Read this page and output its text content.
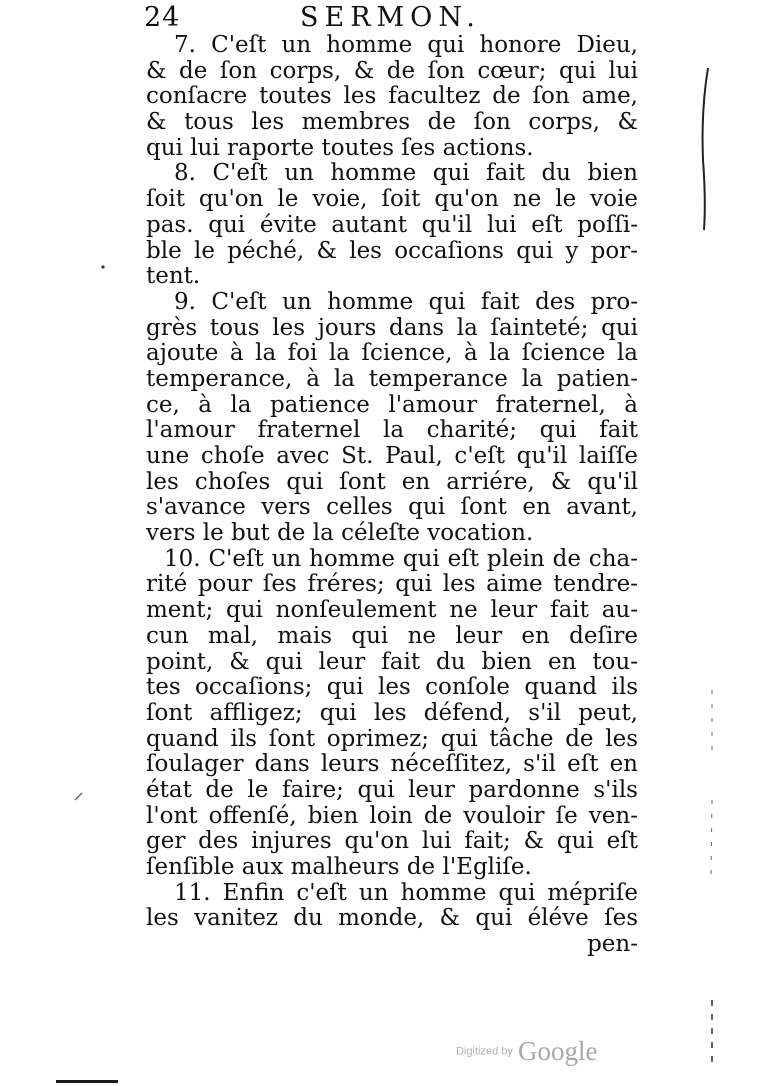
24	SERMON.
7. C'eſt un homme qui honore Dieu,
& de ſon corps, & de ſon cœur; qui lui
conſacre toutes les facultez de ſon ame,
& tous les membres de ſon corps, &
qui lui raporte toutes ſes actions.
8. C'eſt un homme qui fait du bien
ſoit qu'on le voie, ſoit qu'on ne le voie
pas. qui évite autant qu'il lui eſt poſſi-
ble le péché, & les occaſions qui y por-
tent.
9. C'eſt un homme qui fait des pro-
grès tous les jours dans la ſainteté; qui
ajoute à la foi la ſcience, à la ſcience la
temperance, à la temperance la patien-
ce, à la patience l'amour fraternel, à
l'amour fraternel la charité; qui fait
une choſe avec St. Paul, c'eſt qu'il laiſſe
les choſes qui ſont en arriére, & qu'il
s'avance vers celles qui ſont en avant,
vers le but de la céleſte vocation.
10. C'eſt un homme qui eſt plein de cha-
rité pour ſes fréres; qui les aime tendre-
ment; qui nonſeulement ne leur fait au-
cun mal, mais qui ne leur en deſire
point, & qui leur fait du bien en tou-
tes occaſions; qui les conſole quand ils
ſont affligez; qui les défend, s'il peut,
quand ils ſont oprimez; qui tâche de les
ſoulager dans leurs néceſſitez, s'il eſt en
état de le faire; qui leur pardonne s'ils
l'ont offenſé, bien loin de vouloir ſe ven-
ger des injures qu'on lui fait; & qui eſt
ſenſible aux malheurs de l'Egliſe.
11. Enfin c'eſt un homme qui mépriſe
les vanitez du monde, & qui éléve ſes
pen-
Digitized by Google
